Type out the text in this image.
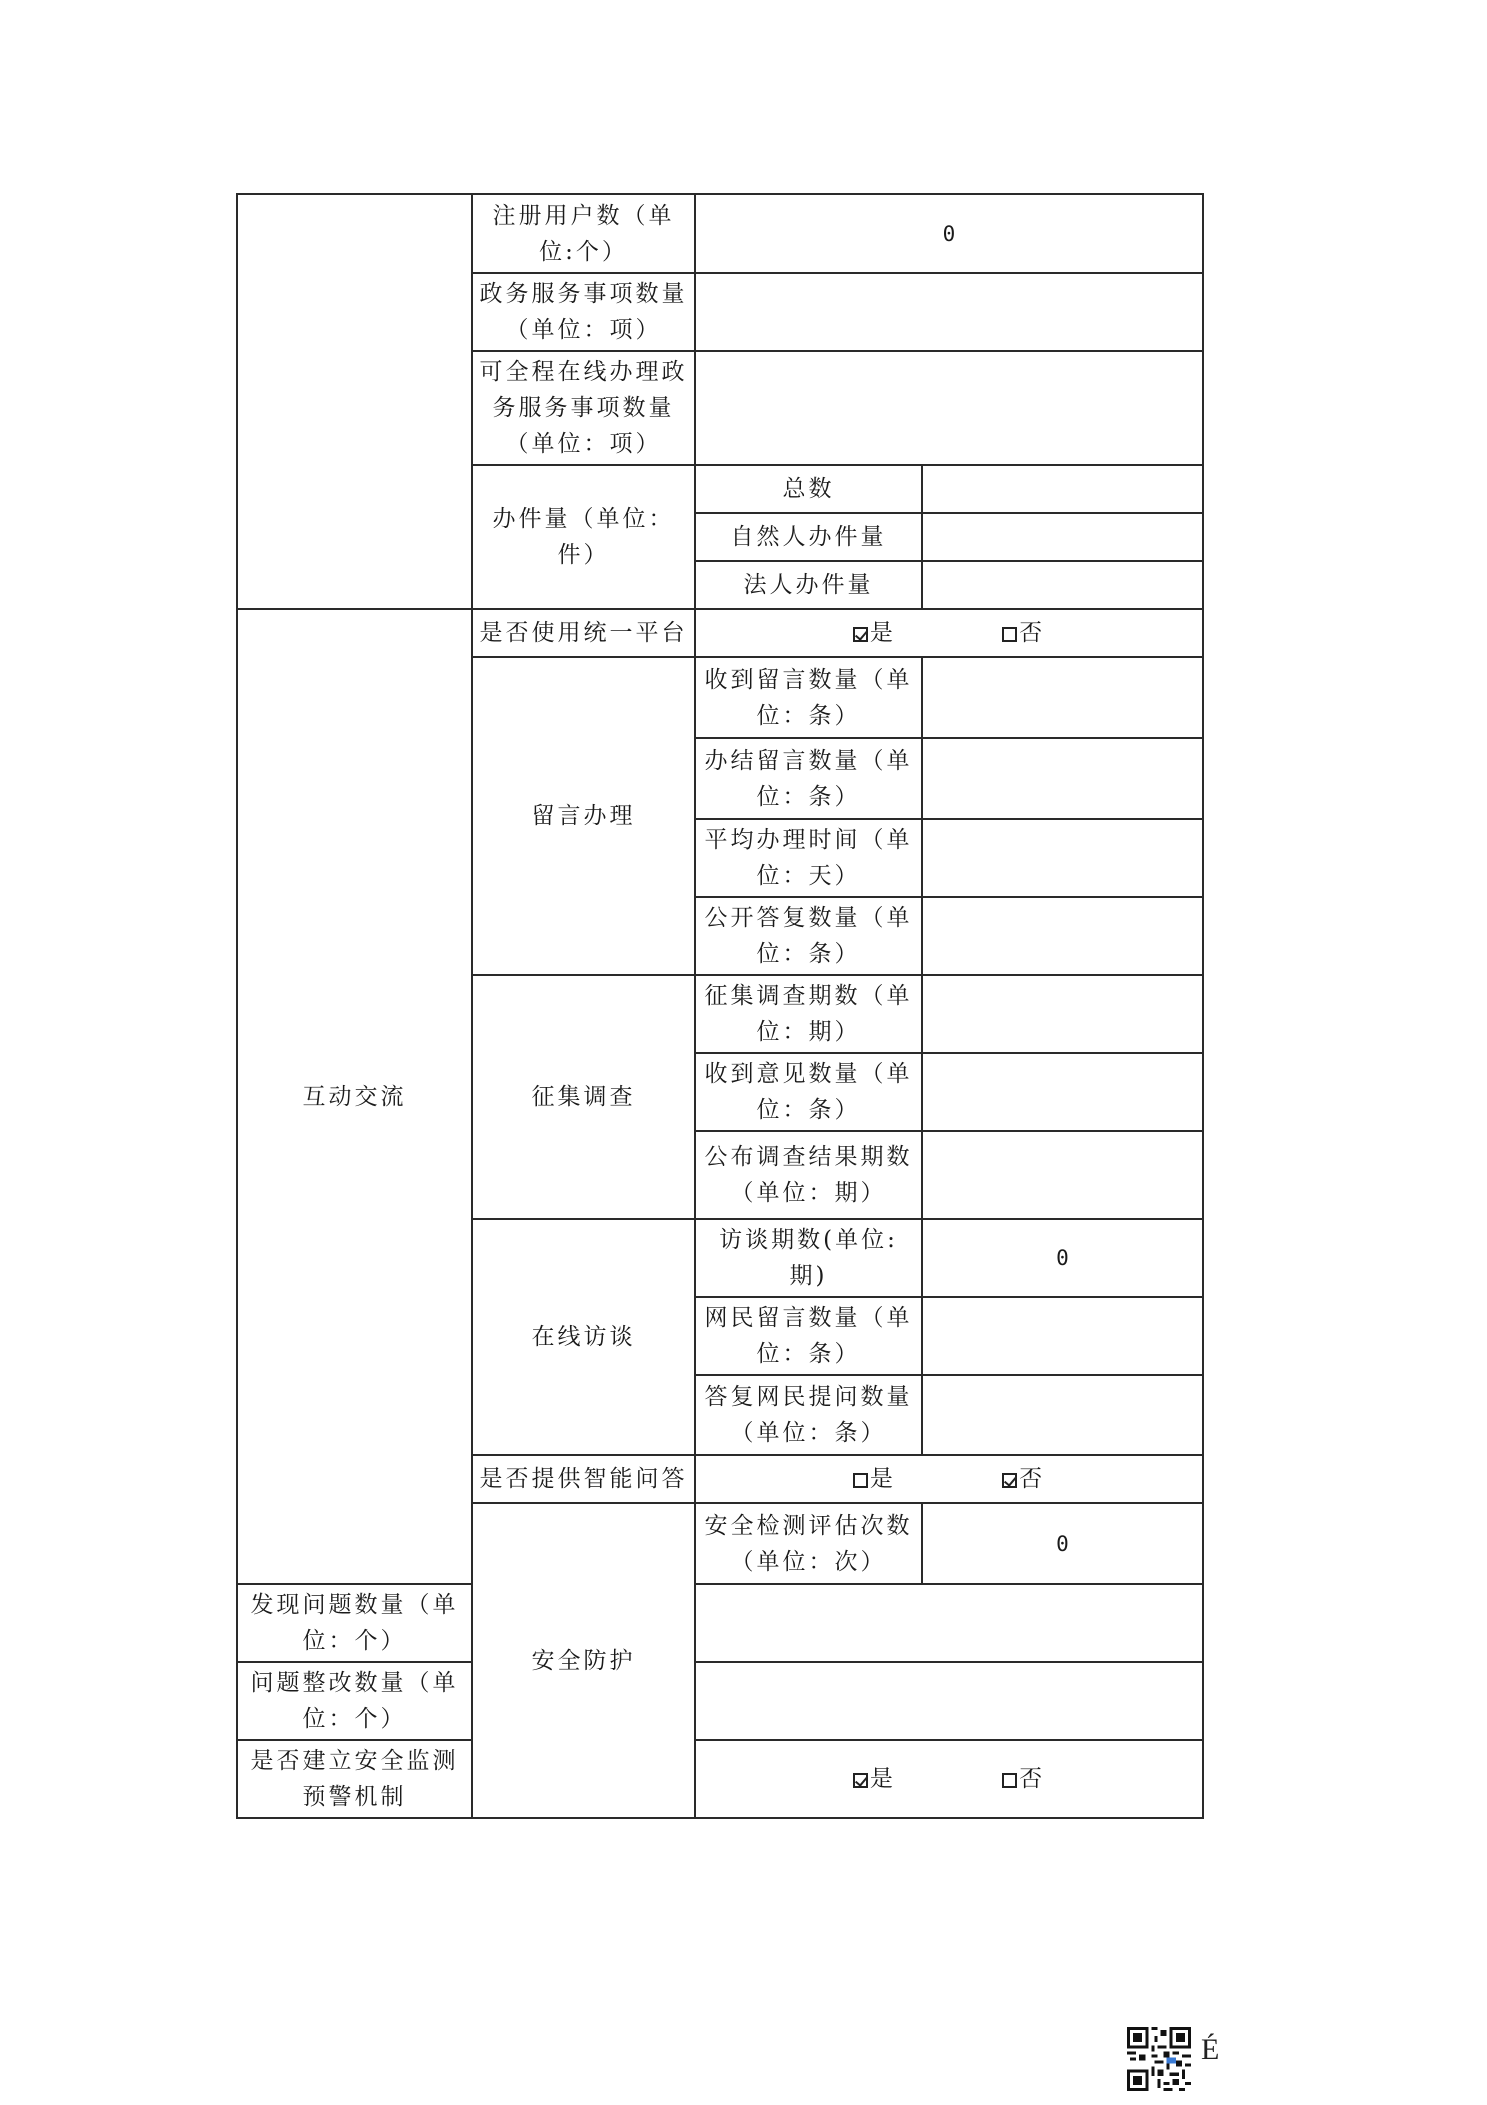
	注册用户数（单位:个）	0	
	政务服务事项数量（单位：项）		
	可全程在线办理政务服务事项数量（单位：项）		
	办件量（单位：件）	总数	
		自然人办件量	
		法人办件量	
互动交流	是否使用统一平台	是 否	
	留言办理	收到留言数量（单位：条）	
		办结留言数量（单位：条）	
		平均办理时间（单位：天）	
		公开答复数量（单位：条）	
	征集调查	征集调查期数（单位：期）	
		收到意见数量（单位：条）	
		公布调查结果期数（单位：期）	
	在线访谈	访谈期数(单位:期)	0
		网民留言数量（单位：条）	
		答复网民提问数量（单位：条）	
	是否提供智能问答	是 否	
	安全防护	安全检测评估次数（单位：次）	0
发现问题数量（单位：个）			
问题整改数量（单位：个）			
是否建立安全监测预警机制		是 否	
É
